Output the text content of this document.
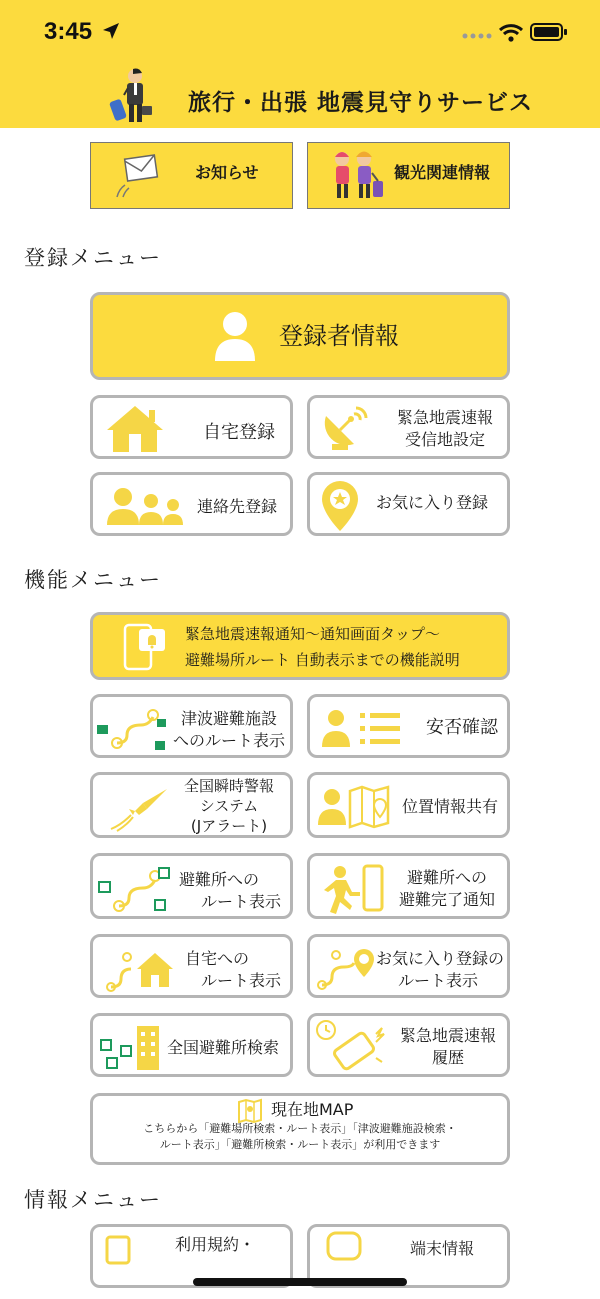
3:45
旅行・出張 地震見守りサービス
お知らせ	観光関連情報
登録メニュー
登録者情報
自宅登録
緊急地震速報
受信地設定
連絡先登録	お気に入り登録
機能メニュー
緊急地震速報通知～通知画面タップ～
避難場所ルート 自動表示までの機能説明
津波避難施設
へのルート表示
安否確認
全国瞬時警報
システム
(Jアラート)
位置情報共有
避難所への
ルート表示
避難所への
避難完了通知
自宅への
ルート表示
お気に入り登録の
ルート表示
全国避難所検索
緊急地震速報
履歴
現在地MAP
こちらから「避難場所検索・ルート表示」「津波避難施設検索・
ルート表示」「避難所検索・ルート表示」が利用できます
情報メニュー
利用規約・	端末情報
